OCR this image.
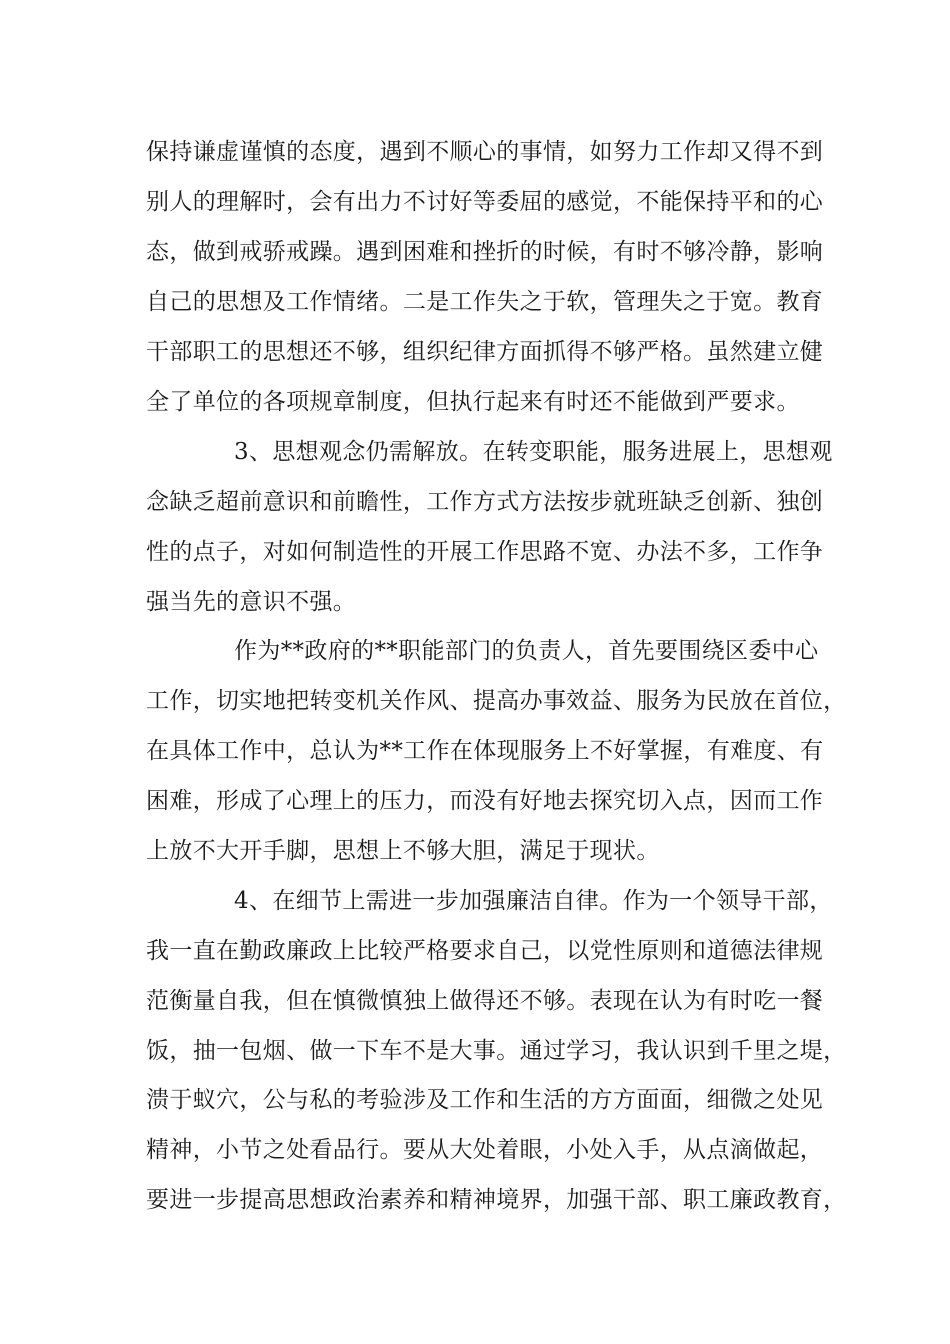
保持谦虚谨慎的态度，遇到不顺心的事情，如努力工作却又得不到

别人的理解时，会有出力不讨好等委屈的感觉，不能保持平和的心

态，做到戒骄戒躁。遇到困难和挫折的时候，有时不够冷静，影响

自己的思想及工作情绪。二是工作失之于软，管理失之于宽。教育

干部职工的思想还不够，组织纪律方面抓得不够严格。虽然建立健

全了单位的各项规章制度，但执行起来有时还不能做到严要求。

3、思想观念仍需解放。在转变职能，服务进展上，思想观

念缺乏超前意识和前瞻性，工作方式方法按步就班缺乏创新、独创

性的点子，对如何制造性的开展工作思路不宽、办法不多，工作争

强当先的意识不强。

作为**政府的**职能部门的负责人，首先要围绕区委中心

工作，切实地把转变机关作风、提高办事效益、服务为民放在首位，

在具体工作中，总认为**工作在体现服务上不好掌握，有难度、有

困难，形成了心理上的压力，而没有好地去探究切入点，因而工作

上放不大开手脚，思想上不够大胆，满足于现状。

4、在细节上需进一步加强廉洁自律。作为一个领导干部，

我一直在勤政廉政上比较严格要求自己，以党性原则和道德法律规

范衡量自我，但在慎微慎独上做得还不够。表现在认为有时吃一餐

饭，抽一包烟、做一下车不是大事。通过学习，我认识到千里之堤，

溃于蚁穴，公与私的考验涉及工作和生活的方方面面，细微之处见

精神，小节之处看品行。要从大处着眼，小处入手，从点滴做起，

要进一步提高思想政治素养和精神境界，加强干部、职工廉政教育，
